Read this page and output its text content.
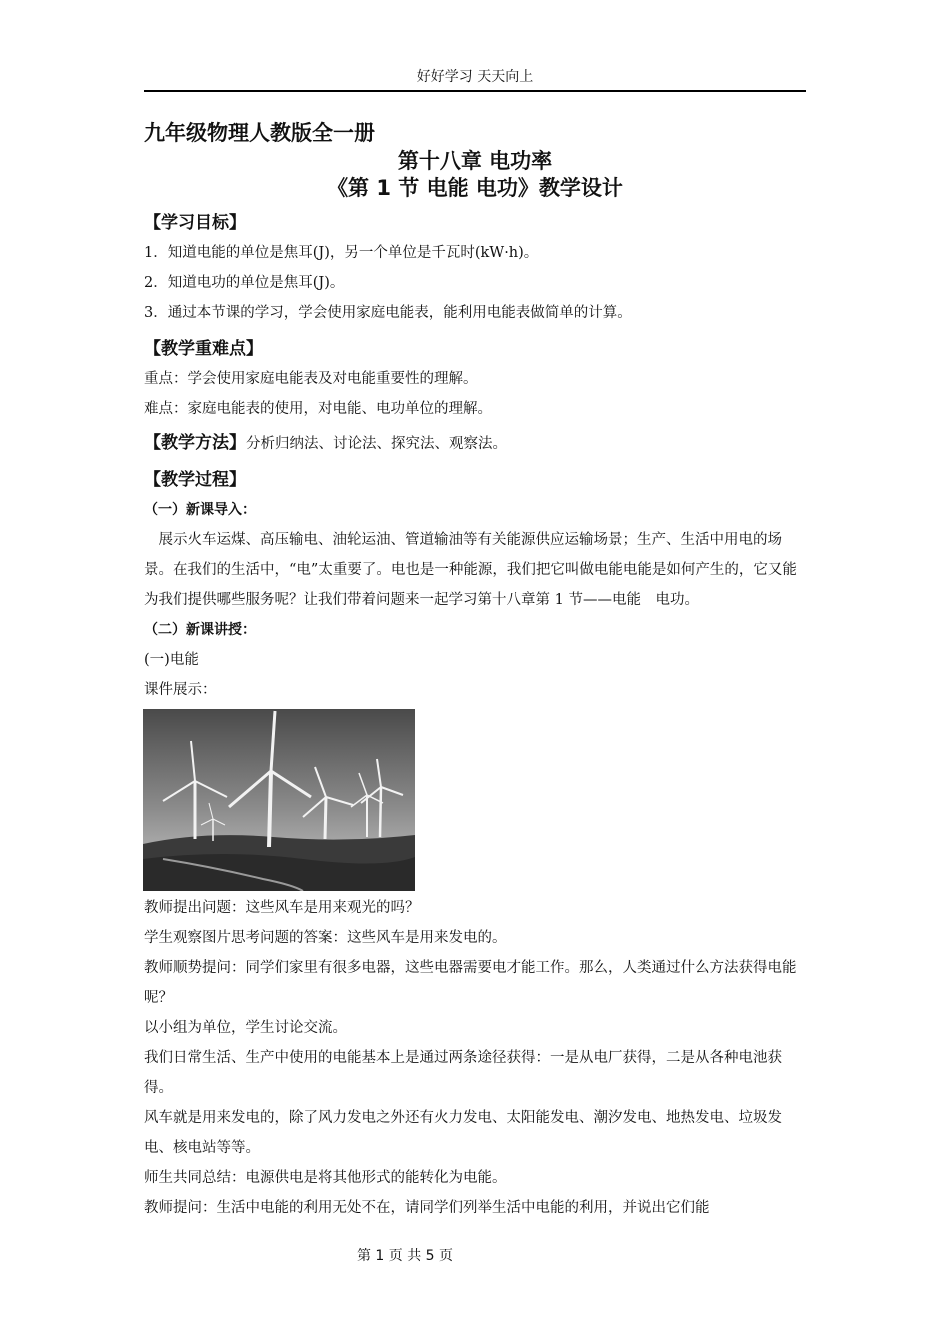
好好学习 天天向上
九年级物理人教版全一册
第十八章 电功率
《第 1 节 电能 电功》教学设计
【学习目标】

1．知道电能的单位是焦耳(J)，另一个单位是千瓦时(kW·h)。

2．知道电功的单位是焦耳(J)。

3．通过本节课的学习，学会使用家庭电能表，能利用电能表做简单的计算。

【教学重难点】

重点：学会使用家庭电能表及对电能重要性的理解。

难点：家庭电能表的使用，对电能、电功单位的理解。

【教学方法】分析归纳法、讨论法、探究法、观察法。

【教学过程】
（一）新课导入：

展示火车运煤、高压输电、油轮运油、管道输油等有关能源供应运输场景；生产、生活中用电的场景。在我们的生活中，“电”太重要了。电也是一种能源，我们把它叫做电能电能是如何产生的，它又能为我们提供哪些服务呢？让我们带着问题来一起学习第十八章第 1 节——电能　电功。

（二）新课讲授：

(一)电能

课件展示：

教师提出问题：这些风车是用来观光的吗？

学生观察图片思考问题的答案：这些风车是用来发电的。

教师顺势提问：同学们家里有很多电器，这些电器需要电才能工作。那么，人类通过什么方法获得电能呢？

以小组为单位，学生讨论交流。

我们日常生活、生产中使用的电能基本上是通过两条途径获得：一是从电厂获得，二是从各种电池获得。

风车就是用来发电的，除了风力发电之外还有火力发电、太阳能发电、潮汐发电、地热发电、垃圾发电、核电站等等。

师生共同总结：电源供电是将其他形式的能转化为电能。

教师提问：生活中电能的利用无处不在，请同学们列举生活中电能的利用，并说出它们能

第 1 页 共 5 页
